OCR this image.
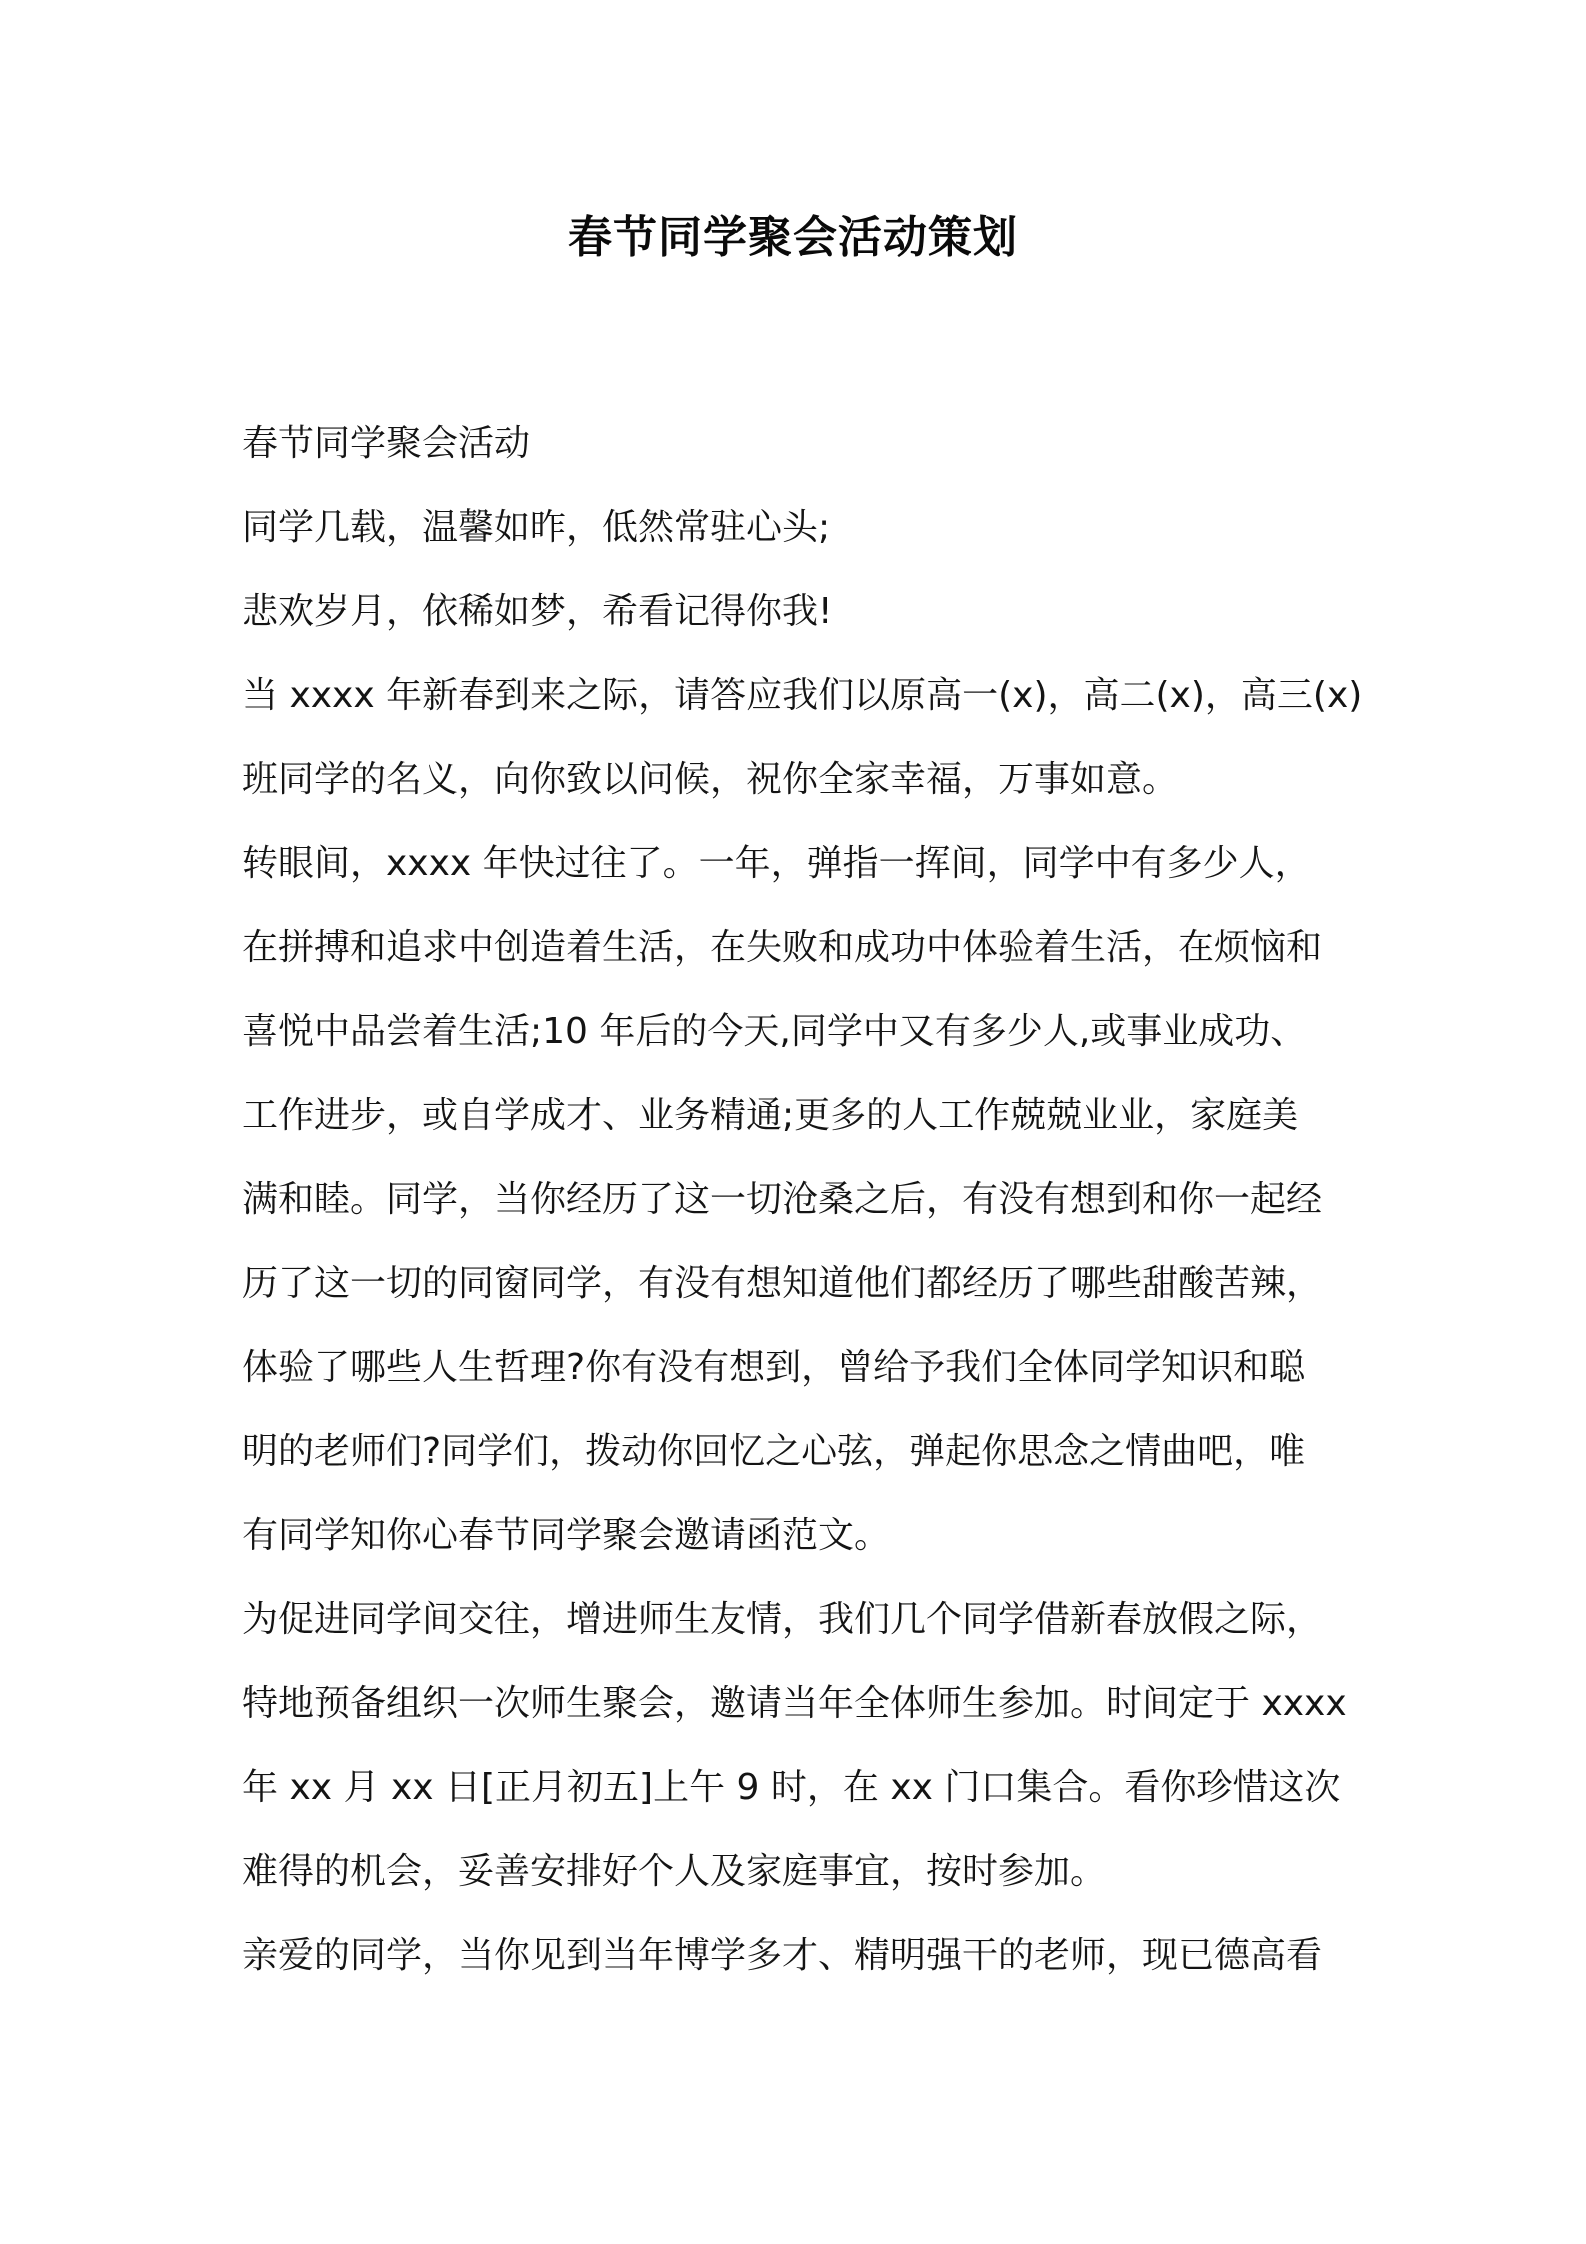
春节同学聚会活动策划
春节同学聚会活动
同学几载，温馨如昨，低然常驻心头;
悲欢岁月，依稀如梦，希看记得你我!
当 xxxx 年新春到来之际，请答应我们以原高一(x)，高二(x)，高三(x)
班同学的名义，向你致以问候，祝你全家幸福，万事如意。
转眼间，xxxx 年快过往了。一年，弹指一挥间，同学中有多少人，
在拼搏和追求中创造着生活，在失败和成功中体验着生活，在烦恼和
喜悦中品尝着生活;10 年后的今天,同学中又有多少人,或事业成功、
工作进步，或自学成才、业务精通;更多的人工作兢兢业业，家庭美
满和睦。同学，当你经历了这一切沧桑之后，有没有想到和你一起经
历了这一切的同窗同学，有没有想知道他们都经历了哪些甜酸苦辣，
体验了哪些人生哲理?你有没有想到，曾给予我们全体同学知识和聪
明的老师们?同学们，拨动你回忆之心弦，弹起你思念之情曲吧，唯
有同学知你心春节同学聚会邀请函范文。
为促进同学间交往，增进师生友情，我们几个同学借新春放假之际，
特地预备组织一次师生聚会，邀请当年全体师生参加。时间定于 xxxx
年 xx 月 xx 日[正月初五]上午 9 时，在 xx 门口集合。看你珍惜这次
难得的机会，妥善安排好个人及家庭事宜，按时参加。
亲爱的同学，当你见到当年博学多才、精明强干的老师，现已德高看
